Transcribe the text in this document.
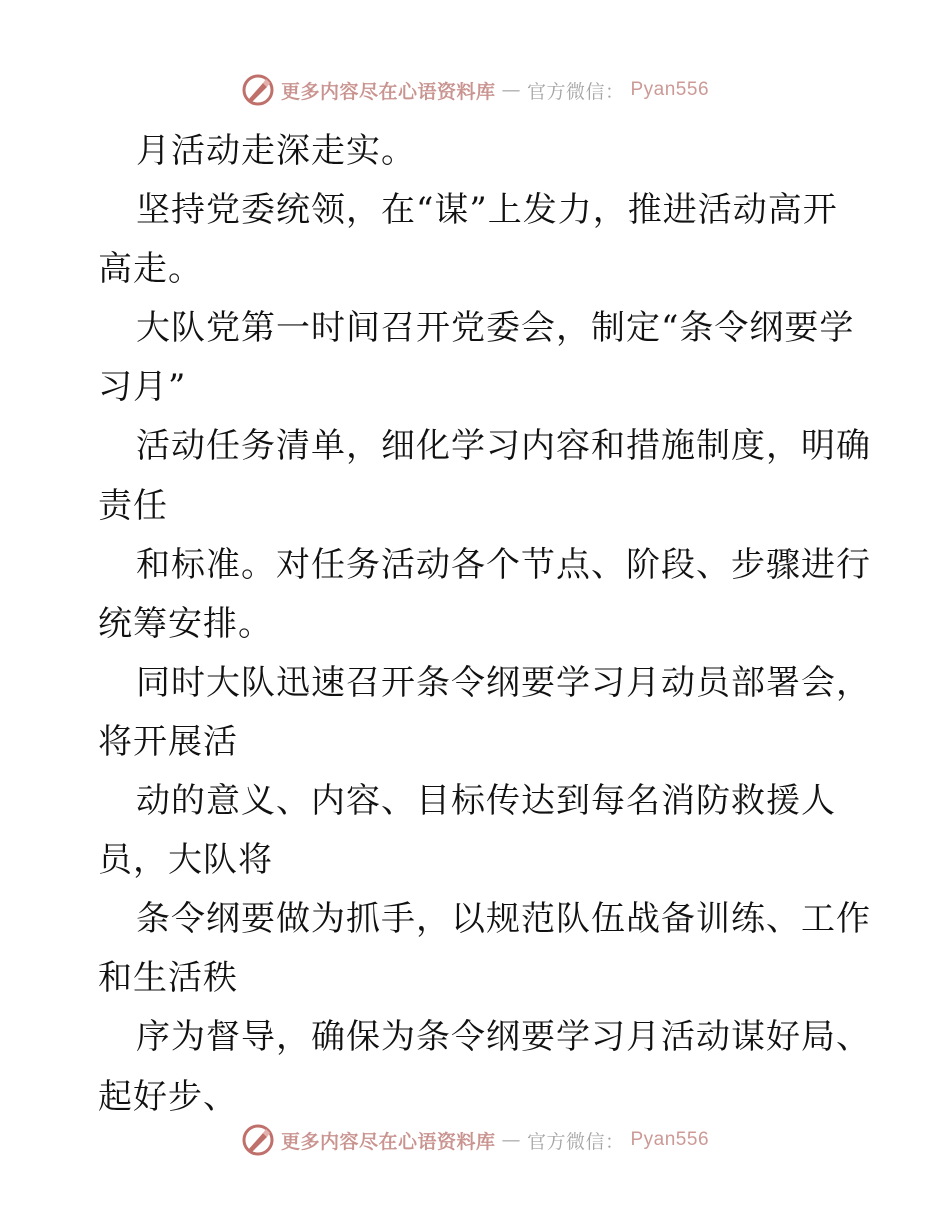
更多内容尽在心语资料库 — 官方微信： Pyan556
月活动走深走实。
坚持党委统领，在“谋”上发力，推进活动高开
高走。
大队党第一时间召开党委会，制定“条令纲要学
习月”
活动任务清单，细化学习内容和措施制度，明确
责任
和标准。对任务活动各个节点、阶段、步骤进行
统筹安排。
同时大队迅速召开条令纲要学习月动员部署会，
将开展活
动的意义、内容、目标传达到每名消防救援人
员，大队将
条令纲要做为抓手，以规范队伍战备训练、工作
和生活秩
序为督导，确保为条令纲要学习月活动谋好局、
起好步、
更多内容尽在心语资料库 — 官方微信： Pyan556
